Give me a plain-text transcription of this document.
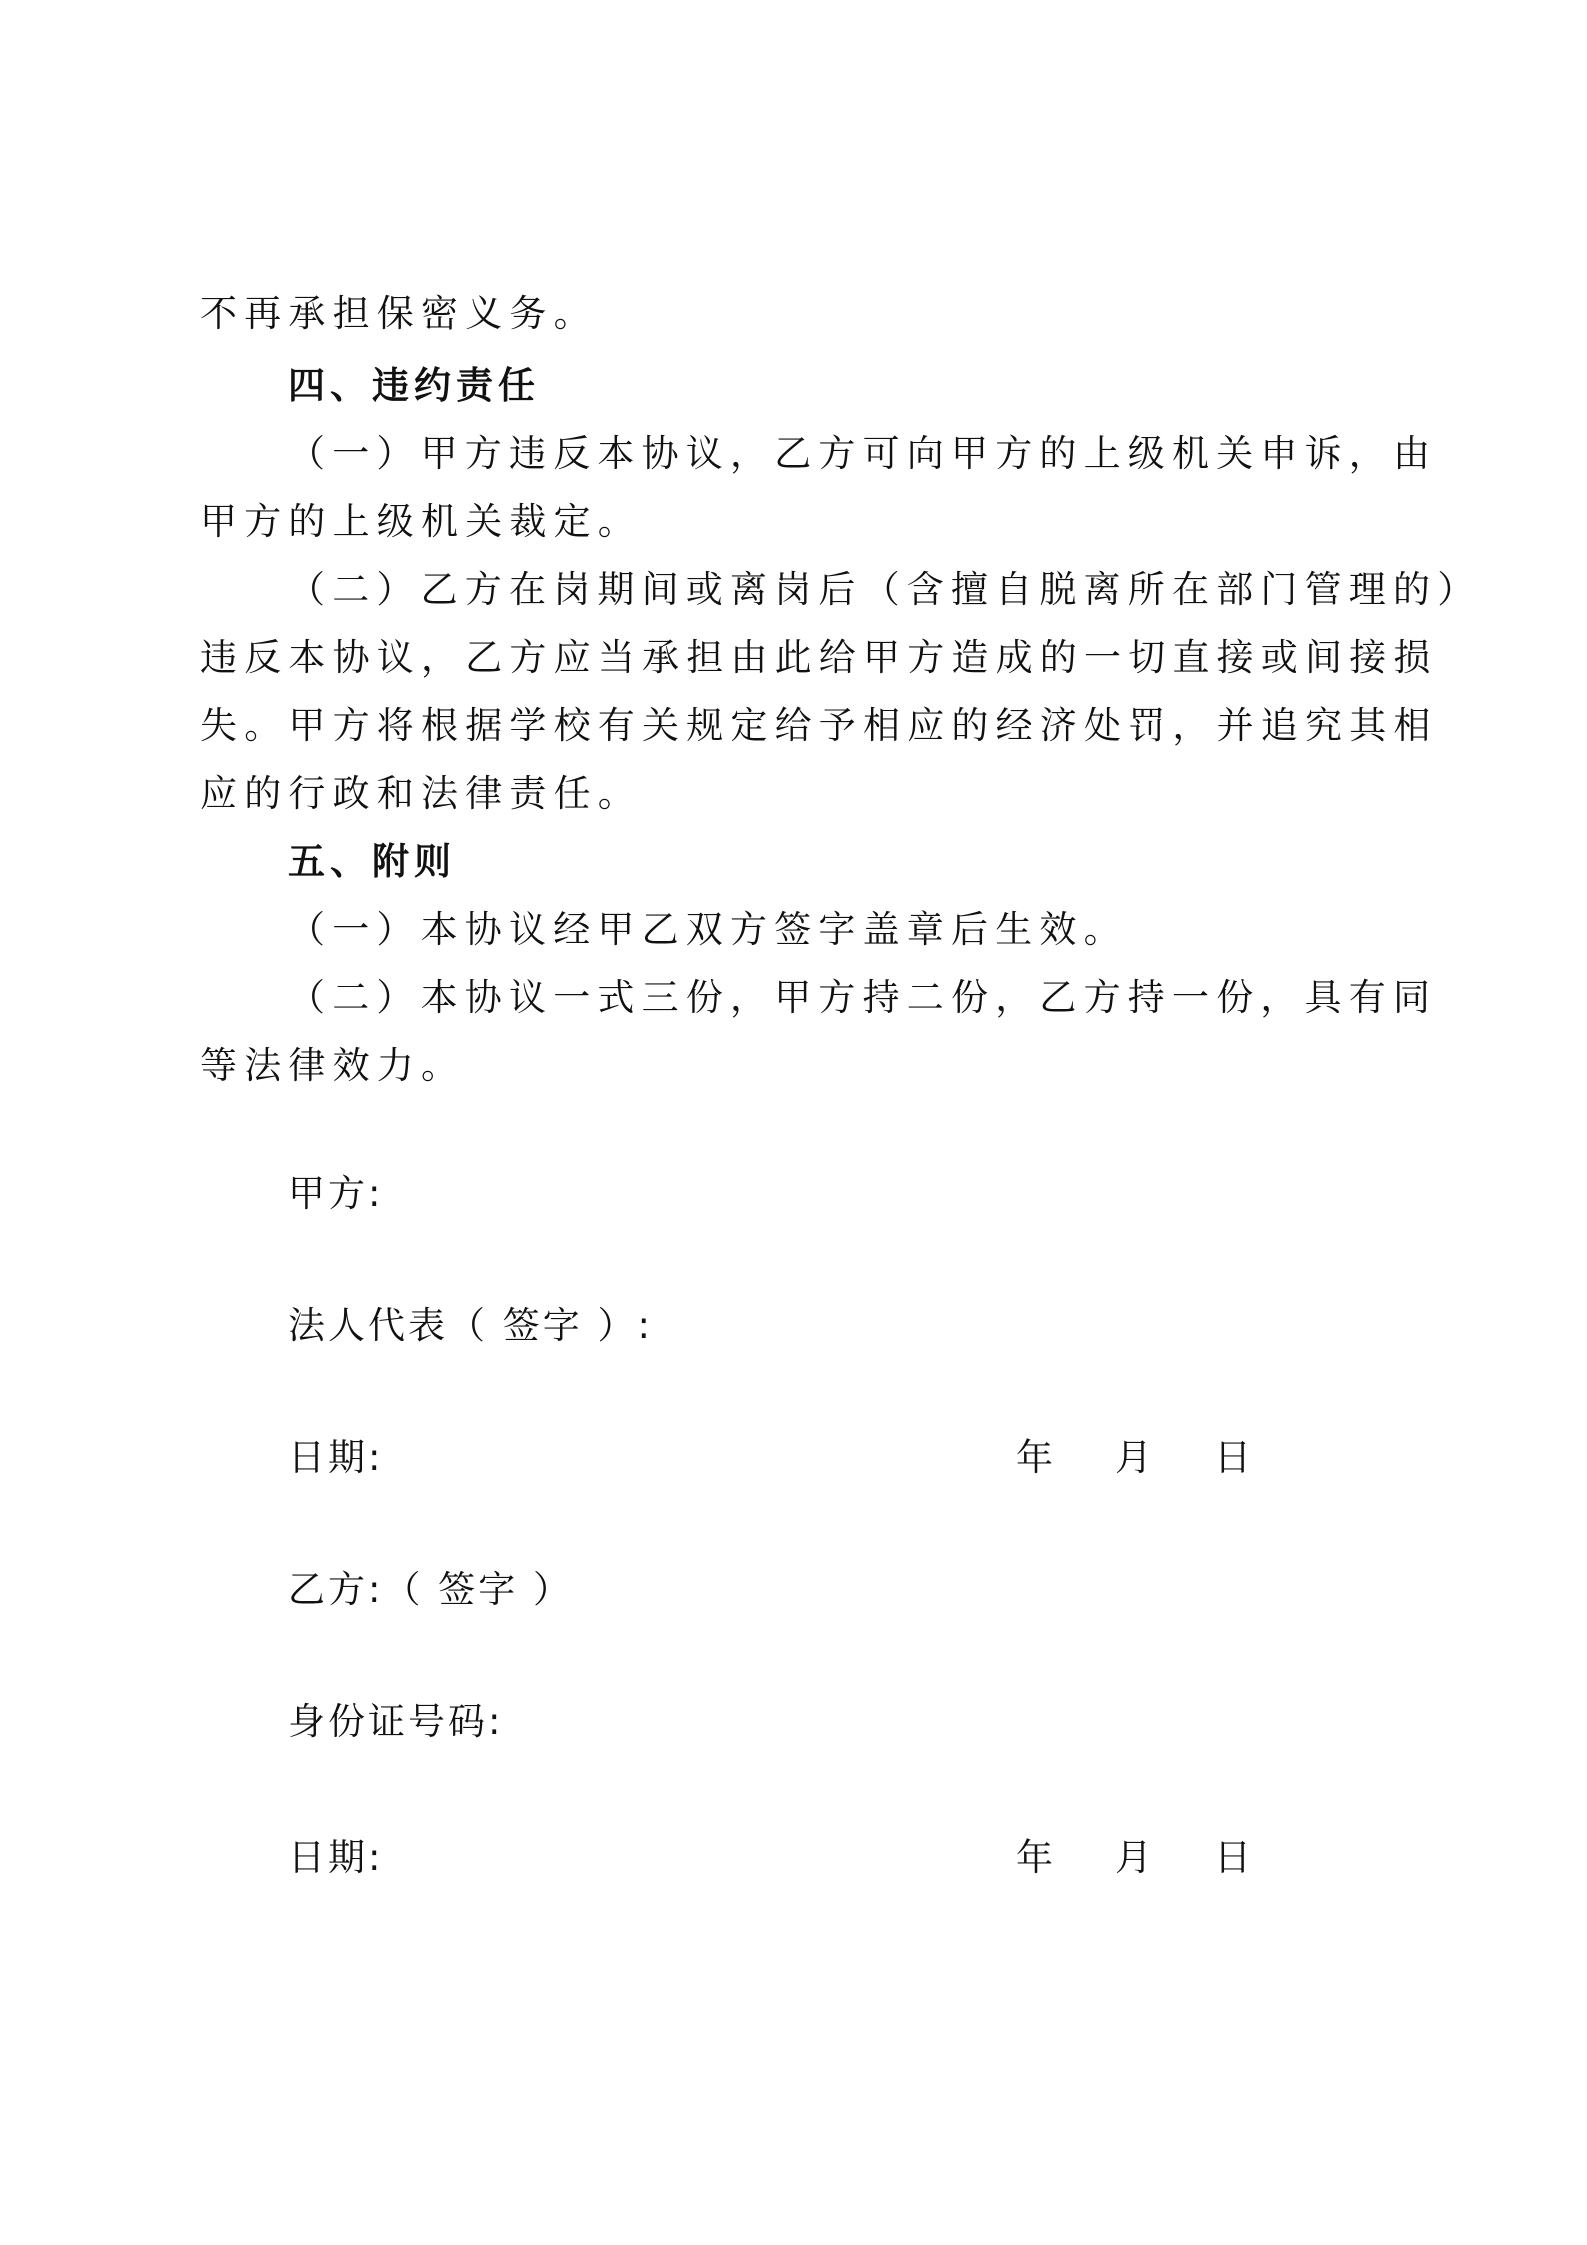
不再承担保密义务。

四、违约责任

（一）甲方违反本协议，乙方可向甲方的上级机关申诉，由

甲方的上级机关裁定。

（二）乙方在岗期间或离岗后（含擅自脱离所在部门管理的）

违反本协议，乙方应当承担由此给甲方造成的一切直接或间接损

失。甲方将根据学校有关规定给予相应的经济处罚，并追究其相

应的行政和法律责任。

五、附则

（一）本协议经甲乙双方签字盖章后生效。

（二）本协议一式三份，甲方持二份，乙方持一份，具有同

等法律效力。

甲方:

法人代表（ 签字 ）:

日期:	年    月    日

乙方:（ 签字 ）

身份证号码:

日期:	年    月    日
